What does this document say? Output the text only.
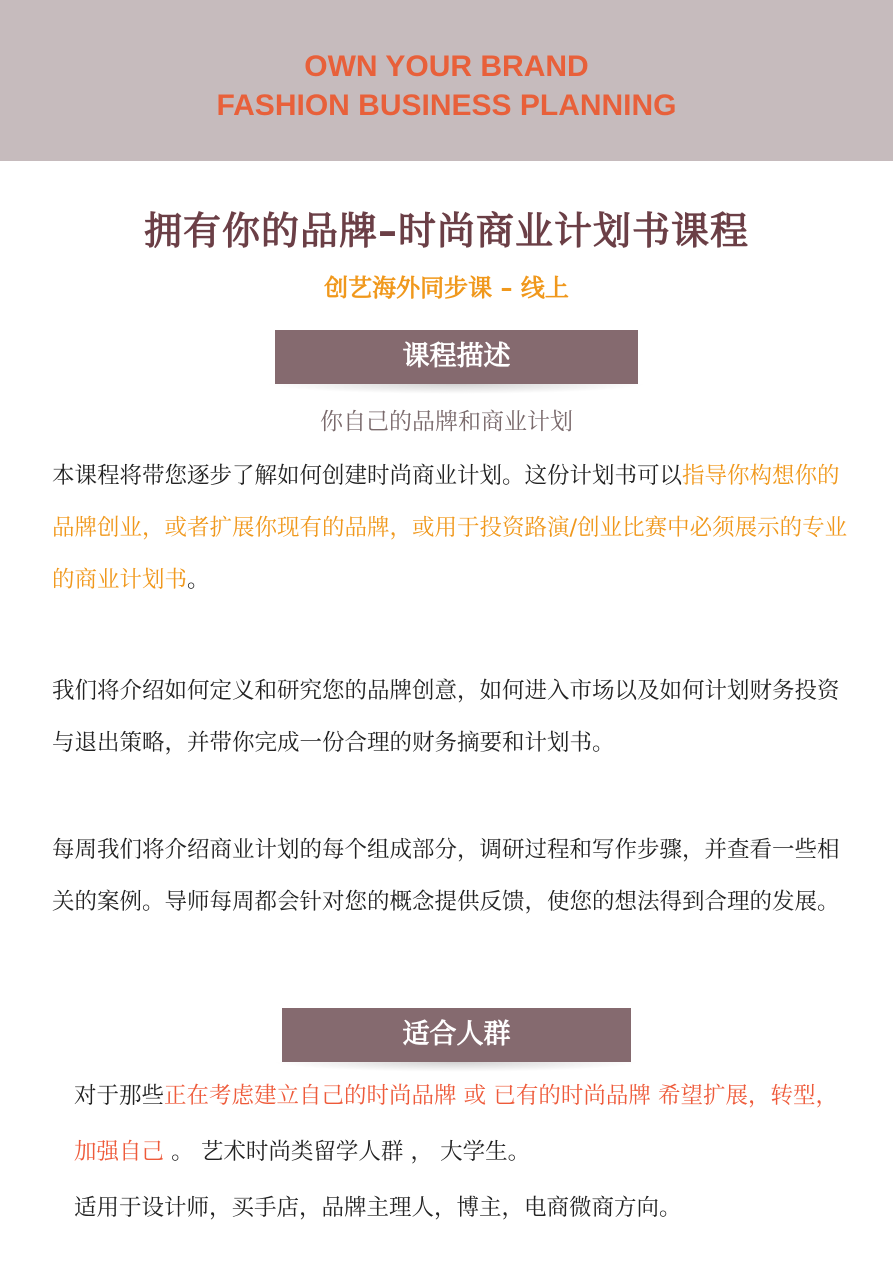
OWN YOUR BRAND
FASHION BUSINESS PLANNING
拥有你的品牌–时尚商业计划书课程
创艺海外同步课 – 线上
课程描述
你自己的品牌和商业计划
本课程将带您逐步了解如何创建时尚商业计划。这份计划书可以指导你构想你的品牌创业，或者扩展你现有的品牌，或用于投资路演/创业比赛中必须展示的专业的商业计划书。
我们将介绍如何定义和研究您的品牌创意，如何进入市场以及如何计划财务投资与退出策略，并带你完成一份合理的财务摘要和计划书。
每周我们将介绍商业计划的每个组成部分，调研过程和写作步骤，并查看一些相关的案例。导师每周都会针对您的概念提供反馈，使您的想法得到合理的发展。
适合人群
对于那些正在考虑建立自己的时尚品牌 或 已有的时尚品牌 希望扩展，转型，加强自己 。 艺术时尚类留学人群 ， 大学生。
适用于设计师，买手店，品牌主理人，博主，电商微商方向。
